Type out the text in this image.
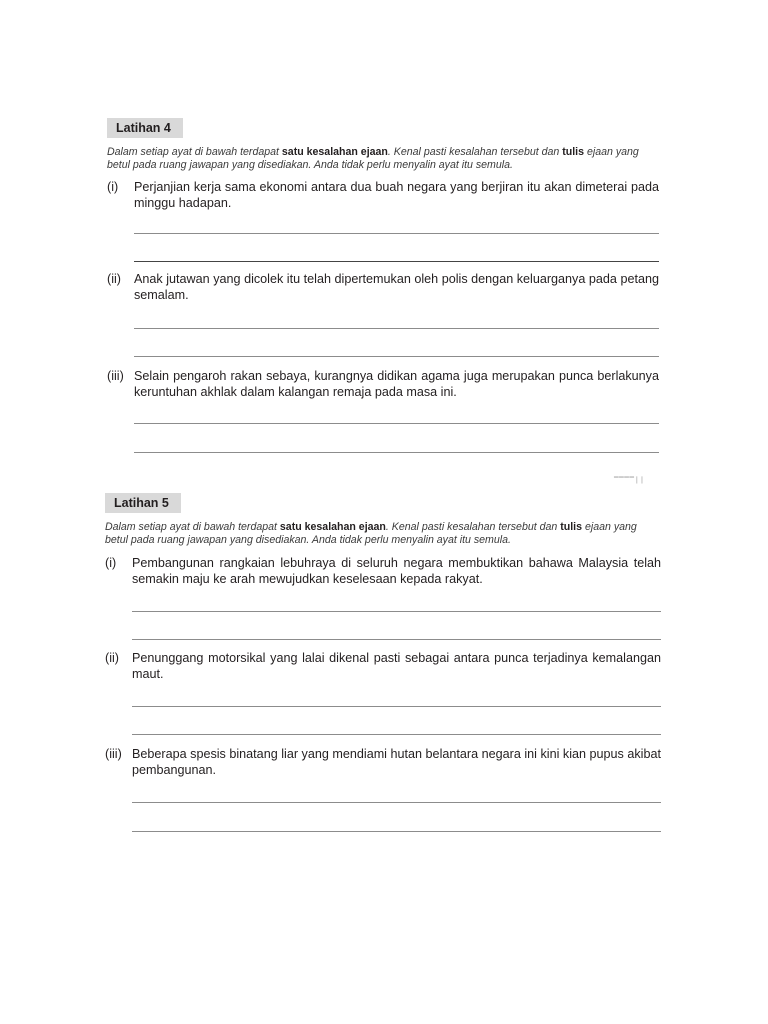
Latihan 4
Dalam setiap ayat di bawah terdapat satu kesalahan ejaan. Kenal pasti kesalahan tersebut dan tulis ejaan yang betul pada ruang jawapan yang disediakan. Anda tidak perlu menyalin ayat itu semula.
(i) Perjanjian kerja sama ekonomi antara dua buah negara yang berjiran itu akan dimeterai pada minggu hadapan.
(ii) Anak jutawan yang dicolek itu telah dipertemukan oleh polis dengan keluarganya pada petang semalam.
(iii) Selain pengaroh rakan sebaya, kurangnya didikan agama juga merupakan punca berlakunya keruntuhan akhlak dalam kalangan remaja pada masa ini.
▔▔▔▔ ▏▏
Latihan 5
Dalam setiap ayat di bawah terdapat satu kesalahan ejaan. Kenal pasti kesalahan tersebut dan tulis ejaan yang betul pada ruang jawapan yang disediakan. Anda tidak perlu menyalin ayat itu semula.
(i) Pembangunan rangkaian lebuhraya di seluruh negara membuktikan bahawa Malaysia telah semakin maju ke arah mewujudkan keselesaan kepada rakyat.
(ii) Penunggang motorsikal yang lalai dikenal pasti sebagai antara punca terjadinya kemalangan maut.
(iii) Beberapa spesis binatang liar yang mendiami hutan belantara negara ini kini kian pupus akibat pembangunan.
